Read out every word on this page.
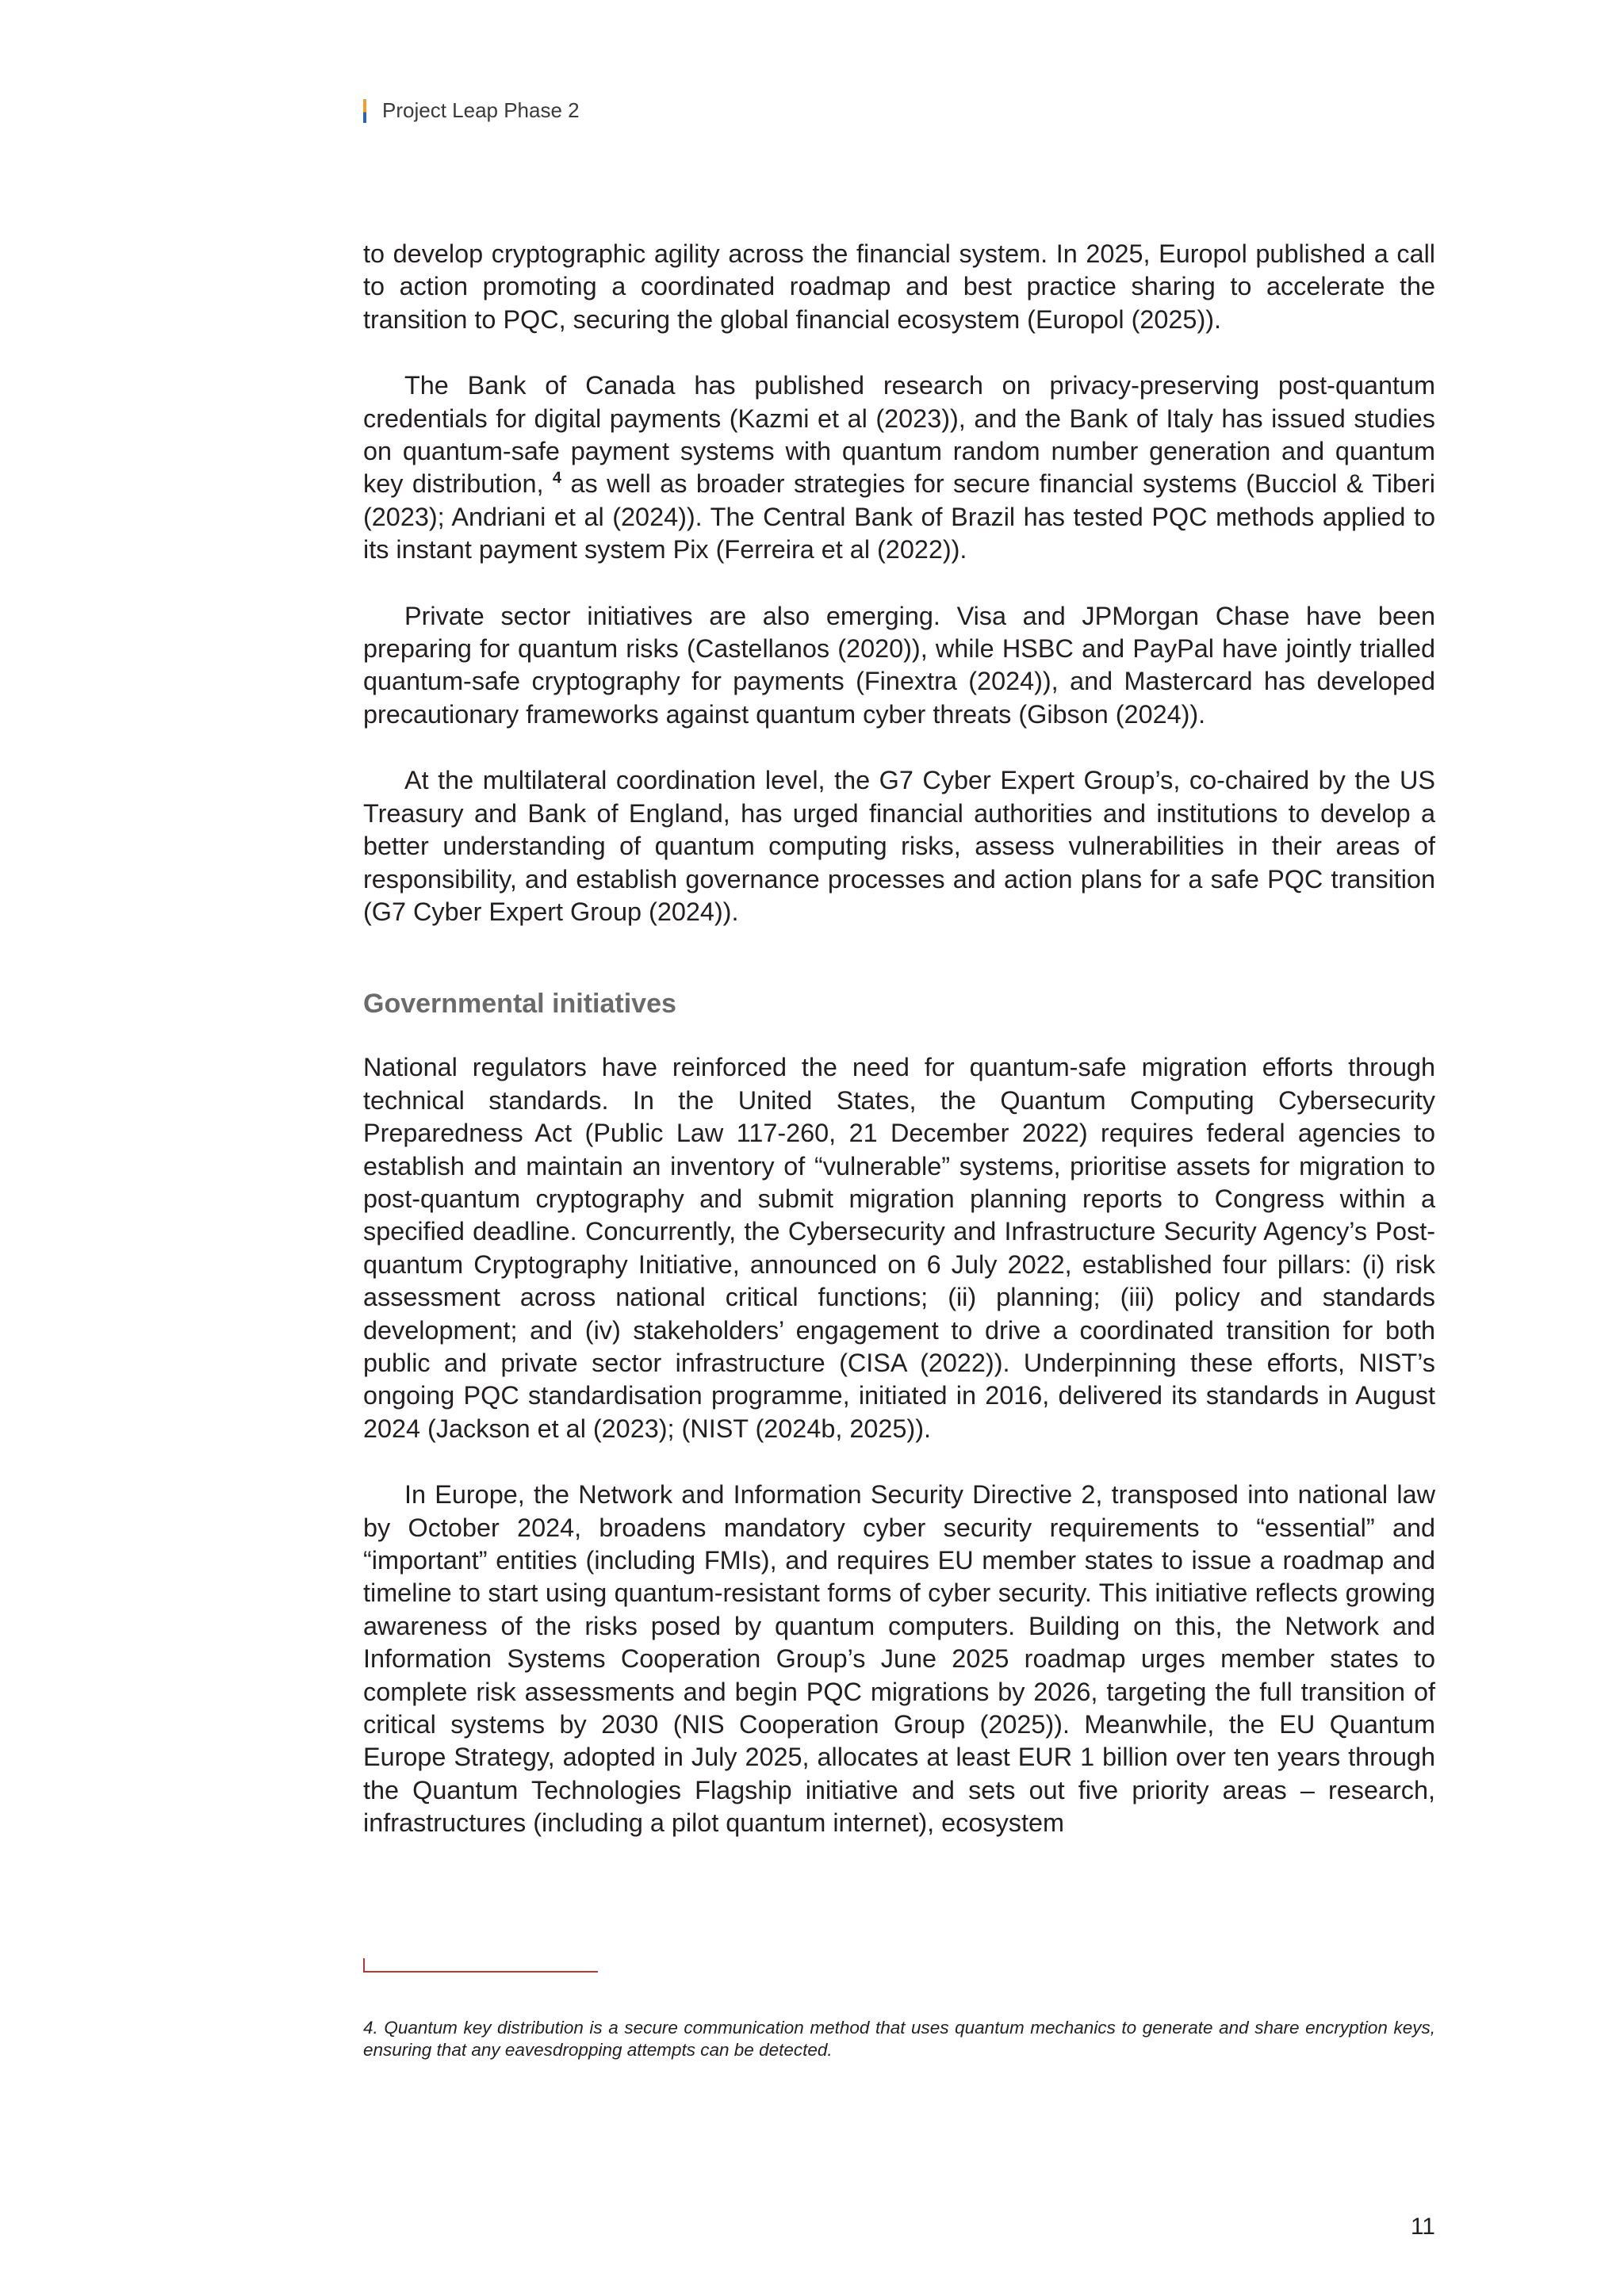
Project Leap Phase 2

to develop cryptographic agility across the financial system. In 2025, Europol published a call to action promoting a coordinated roadmap and best practice sharing to accelerate the transition to PQC, securing the global financial ecosystem (Europol (2025)).

The Bank of Canada has published research on privacy-preserving post-quantum credentials for digital payments (Kazmi et al (2023)), and the Bank of Italy has issued studies on quantum-safe payment systems with quantum random number generation and quantum key distribution, $^4$ as well as broader strategies for secure financial systems (Bucciol & Tiberi (2023); Andriani et al (2024)). The Central Bank of Brazil has tested PQC methods applied to its instant payment system Pix (Ferreira et al (2022)).

Private sector initiatives are also emerging. Visa and JPMorgan Chase have been preparing for quantum risks (Castellanos (2020)), while HSBC and PayPal have jointly trialled quantum-safe cryptography for payments (Finextra (2024)), and Mastercard has developed precautionary frameworks against quantum cyber threats (Gibson (2024)).

At the multilateral coordination level, the G7 Cyber Expert Group’s, co-chaired by the US Treasury and Bank of England, has urged financial authorities and institutions to develop a better understanding of quantum computing risks, assess vulnerabilities in their areas of responsibility, and establish governance processes and action plans for a safe PQC transition (G7 Cyber Expert Group (2024)).

Governmental initiatives

National regulators have reinforced the need for quantum-safe migration efforts through technical standards. In the United States, the Quantum Computing Cybersecurity Preparedness Act (Public Law 117-260, 21 December 2022) requires federal agencies to establish and maintain an inventory of “vulnerable” systems, prioritise assets for migration to post-quantum cryptography and submit migration planning reports to Congress within a specified deadline. Concurrently, the Cybersecurity and Infrastructure Security Agency’s Post-quantum Cryptography Initiative, announced on 6 July 2022, established four pillars: (i) risk assessment across national critical functions; (ii) planning; (iii) policy and standards development; and (iv) stakeholders’ engagement to drive a coordinated transition for both public and private sector infrastructure (CISA (2022)). Underpinning these efforts, NIST’s ongoing PQC standardisation programme, initiated in 2016, delivered its standards in August 2024 (Jackson et al (2023); (NIST (2024b, 2025)).

In Europe, the Network and Information Security Directive 2, transposed into national law by October 2024, broadens mandatory cyber security requirements to “essential” and “important” entities (including FMIs), and requires EU member states to issue a roadmap and timeline to start using quantum-resistant forms of cyber security. This initiative reflects growing awareness of the risks posed by quantum computers. Building on this, the Network and Information Systems Cooperation Group’s June 2025 roadmap urges member states to complete risk assessments and begin PQC migrations by 2026, targeting the full transition of critical systems by 2030 (NIS Cooperation Group (2025)). Meanwhile, the EU Quantum Europe Strategy, adopted in July 2025, allocates at least EUR 1 billion over ten years through the Quantum Technologies Flagship initiative and sets out five priority areas – research, infrastructures (including a pilot quantum internet), ecosystem

4. Quantum key distribution is a secure communication method that uses quantum mechanics to generate and share encryption keys, ensuring that any eavesdropping attempts can be detected.

11
